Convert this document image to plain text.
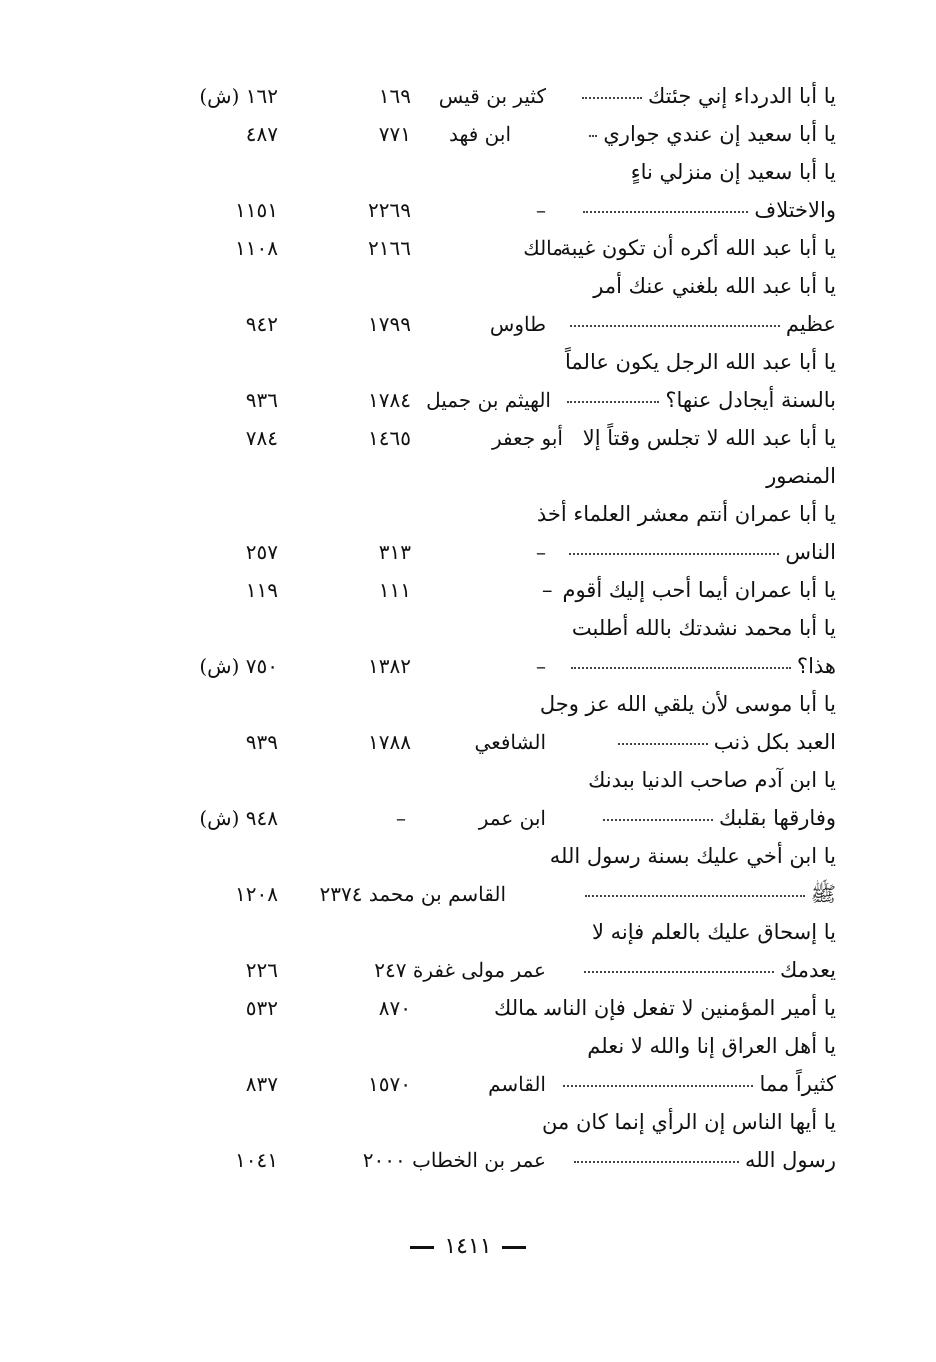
يا أبا الدرداء إني جئتك
كثير بن قيس
١٦٩
١٦٢ (ش)
يا أبا سعيد إن عندي جواري
ابن فهد
٧٧١
٤٨٧
يا أبا سعيد إن منزلي ناءٍ
والاختلاف
–
٢٢٦٩
١١٥١
يا أبا عبد الله أكره أن تكون غيبة
مالك
٢١٦٦
١١٠٨
يا أبا عبد الله بلغني عنك أمر
عظيم
طاوس
١٧٩٩
٩٤٢
يا أبا عبد الله الرجل يكون عالماً
بالسنة أيجادل عنها؟
الهيثم بن جميل
١٧٨٤
٩٣٦
يا أبا عبد الله لا تجلس وقتاً إلا
أبو جعفر
١٤٦٥
٧٨٤
المنصور
يا أبا عمران أنتم معشر العلماء أخذ
الناس
–
٣١٣
٢٥٧
يا أبا عمران أيما أحب إليك أقوم–
١١١
١١٩
يا أبا محمد نشدتك بالله أطلبت
هذا؟
–
١٣٨٢
٧٥٠ (ش)
يا أبا موسى لأن يلقي الله عز وجل
العبد بكل ذنب
الشافعي
١٧٨٨
٩٣٩
يا ابن آدم صاحب الدنيا ببدنك
وفارقها بقلبك
ابن عمر
–
٩٤٨ (ش)
يا ابن أخي عليك بسنة رسول الله
ﷺ
القاسم بن محمد ٢٣٧٤
١٢٠٨
يا إسحاق عليك بالعلم فإنه لا
يعدمك
عمر مولى غفرة ٢٤٧
٢٢٦
يا أمير المؤمنين لا تفعل فإن الناسمالك
٨٧٠
٥٣٢
يا أهل العراق إنا والله لا نعلم
كثيراً مما
القاسم
١٥٧٠
٨٣٧
يا أيها الناس إن الرأي إنما كان من
رسول الله
عمر بن الخطاب ٢٠٠٠
١٠٤١
١٤١١
